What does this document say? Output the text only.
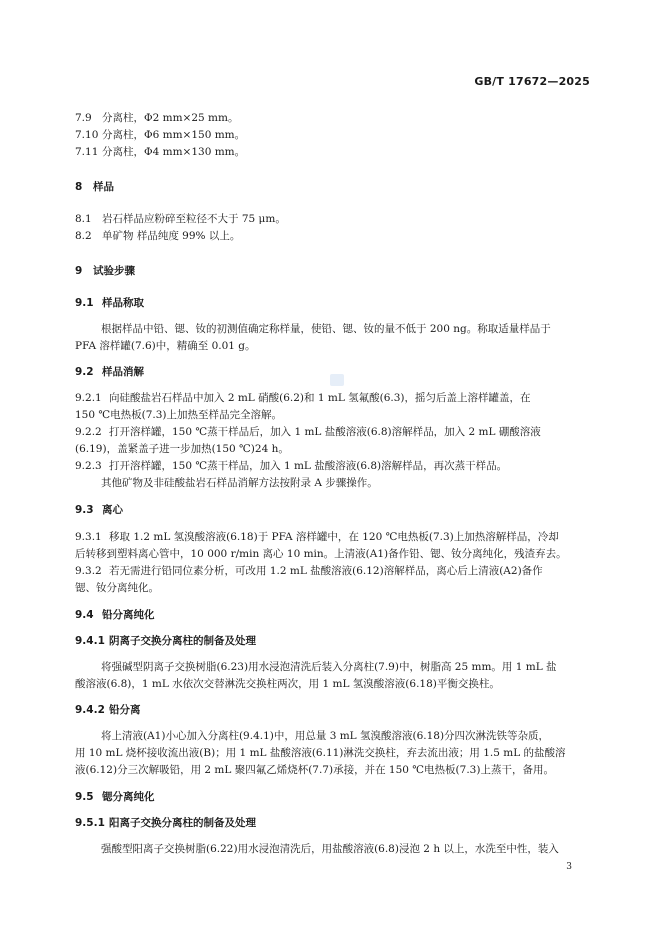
GB/T 17672—2025
7.9 分离柱，Φ2 mm×25 mm。
7.10 分离柱，Φ6 mm×150 mm。
7.11 分离柱，Φ4 mm×130 mm。
8 样品
8.1 岩石样品应粉碎至粒径不大于 75 μm。
8.2 单矿物 样品纯度 99% 以上。
9 试验步骤
9.1 样品称取
根据样品中铅、锶、钕的初测值确定称样量，使铅、锶、钕的量不低于 200 ng。称取适量样品于
PFA 溶样罐(7.6)中，精确至 0.01 g。
9.2 样品消解
9.2.1 向硅酸盐岩石样品中加入 2 mL 硝酸(6.2)和 1 mL 氢氟酸(6.3)，摇匀后盖上溶样罐盖，在
150 ℃电热板(7.3)上加热至样品完全溶解。
9.2.2 打开溶样罐，150 ℃蒸干样品后，加入 1 mL 盐酸溶液(6.8)溶解样品，加入 2 mL 硼酸溶液
(6.19)，盖紧盖子进一步加热(150 ℃)24 h。
9.2.3 打开溶样罐，150 ℃蒸干样品，加入 1 mL 盐酸溶液(6.8)溶解样品，再次蒸干样品。
其他矿物及非硅酸盐岩石样品消解方法按附录 A 步骤操作。
9.3 离心
9.3.1 移取 1.2 mL 氢溴酸溶液(6.18)于 PFA 溶样罐中，在 120 ℃电热板(7.3)上加热溶解样品，冷却
后转移到塑料离心管中，10 000 r/min 离心 10 min。上清液(A1)备作铅、锶、钕分离纯化，残渣弃去。
9.3.2 若无需进行铅同位素分析，可改用 1.2 mL 盐酸溶液(6.12)溶解样品，离心后上清液(A2)备作
锶、钕分离纯化。
9.4 铅分离纯化
9.4.1 阴离子交换分离柱的制备及处理
将强碱型阴离子交换树脂(6.23)用水浸泡清洗后装入分离柱(7.9)中，树脂高 25 mm。用 1 mL 盐
酸溶液(6.8)，1 mL 水依次交替淋洗交换柱两次，用 1 mL 氢溴酸溶液(6.18)平衡交换柱。
9.4.2 铅分离
将上清液(A1)小心加入分离柱(9.4.1)中，用总量 3 mL 氢溴酸溶液(6.18)分四次淋洗铁等杂质，
用 10 mL 烧杯接收流出液(B)；用 1 mL 盐酸溶液(6.11)淋洗交换柱，弃去流出液；用 1.5 mL 的盐酸溶
液(6.12)分三次解吸铅，用 2 mL 聚四氟乙烯烧杯(7.7)承接，并在 150 ℃电热板(7.3)上蒸干，备用。
9.5 锶分离纯化
9.5.1 阳离子交换分离柱的制备及处理
强酸型阳离子交换树脂(6.22)用水浸泡清洗后，用盐酸溶液(6.8)浸泡 2 h 以上，水洗至中性，装入
3
